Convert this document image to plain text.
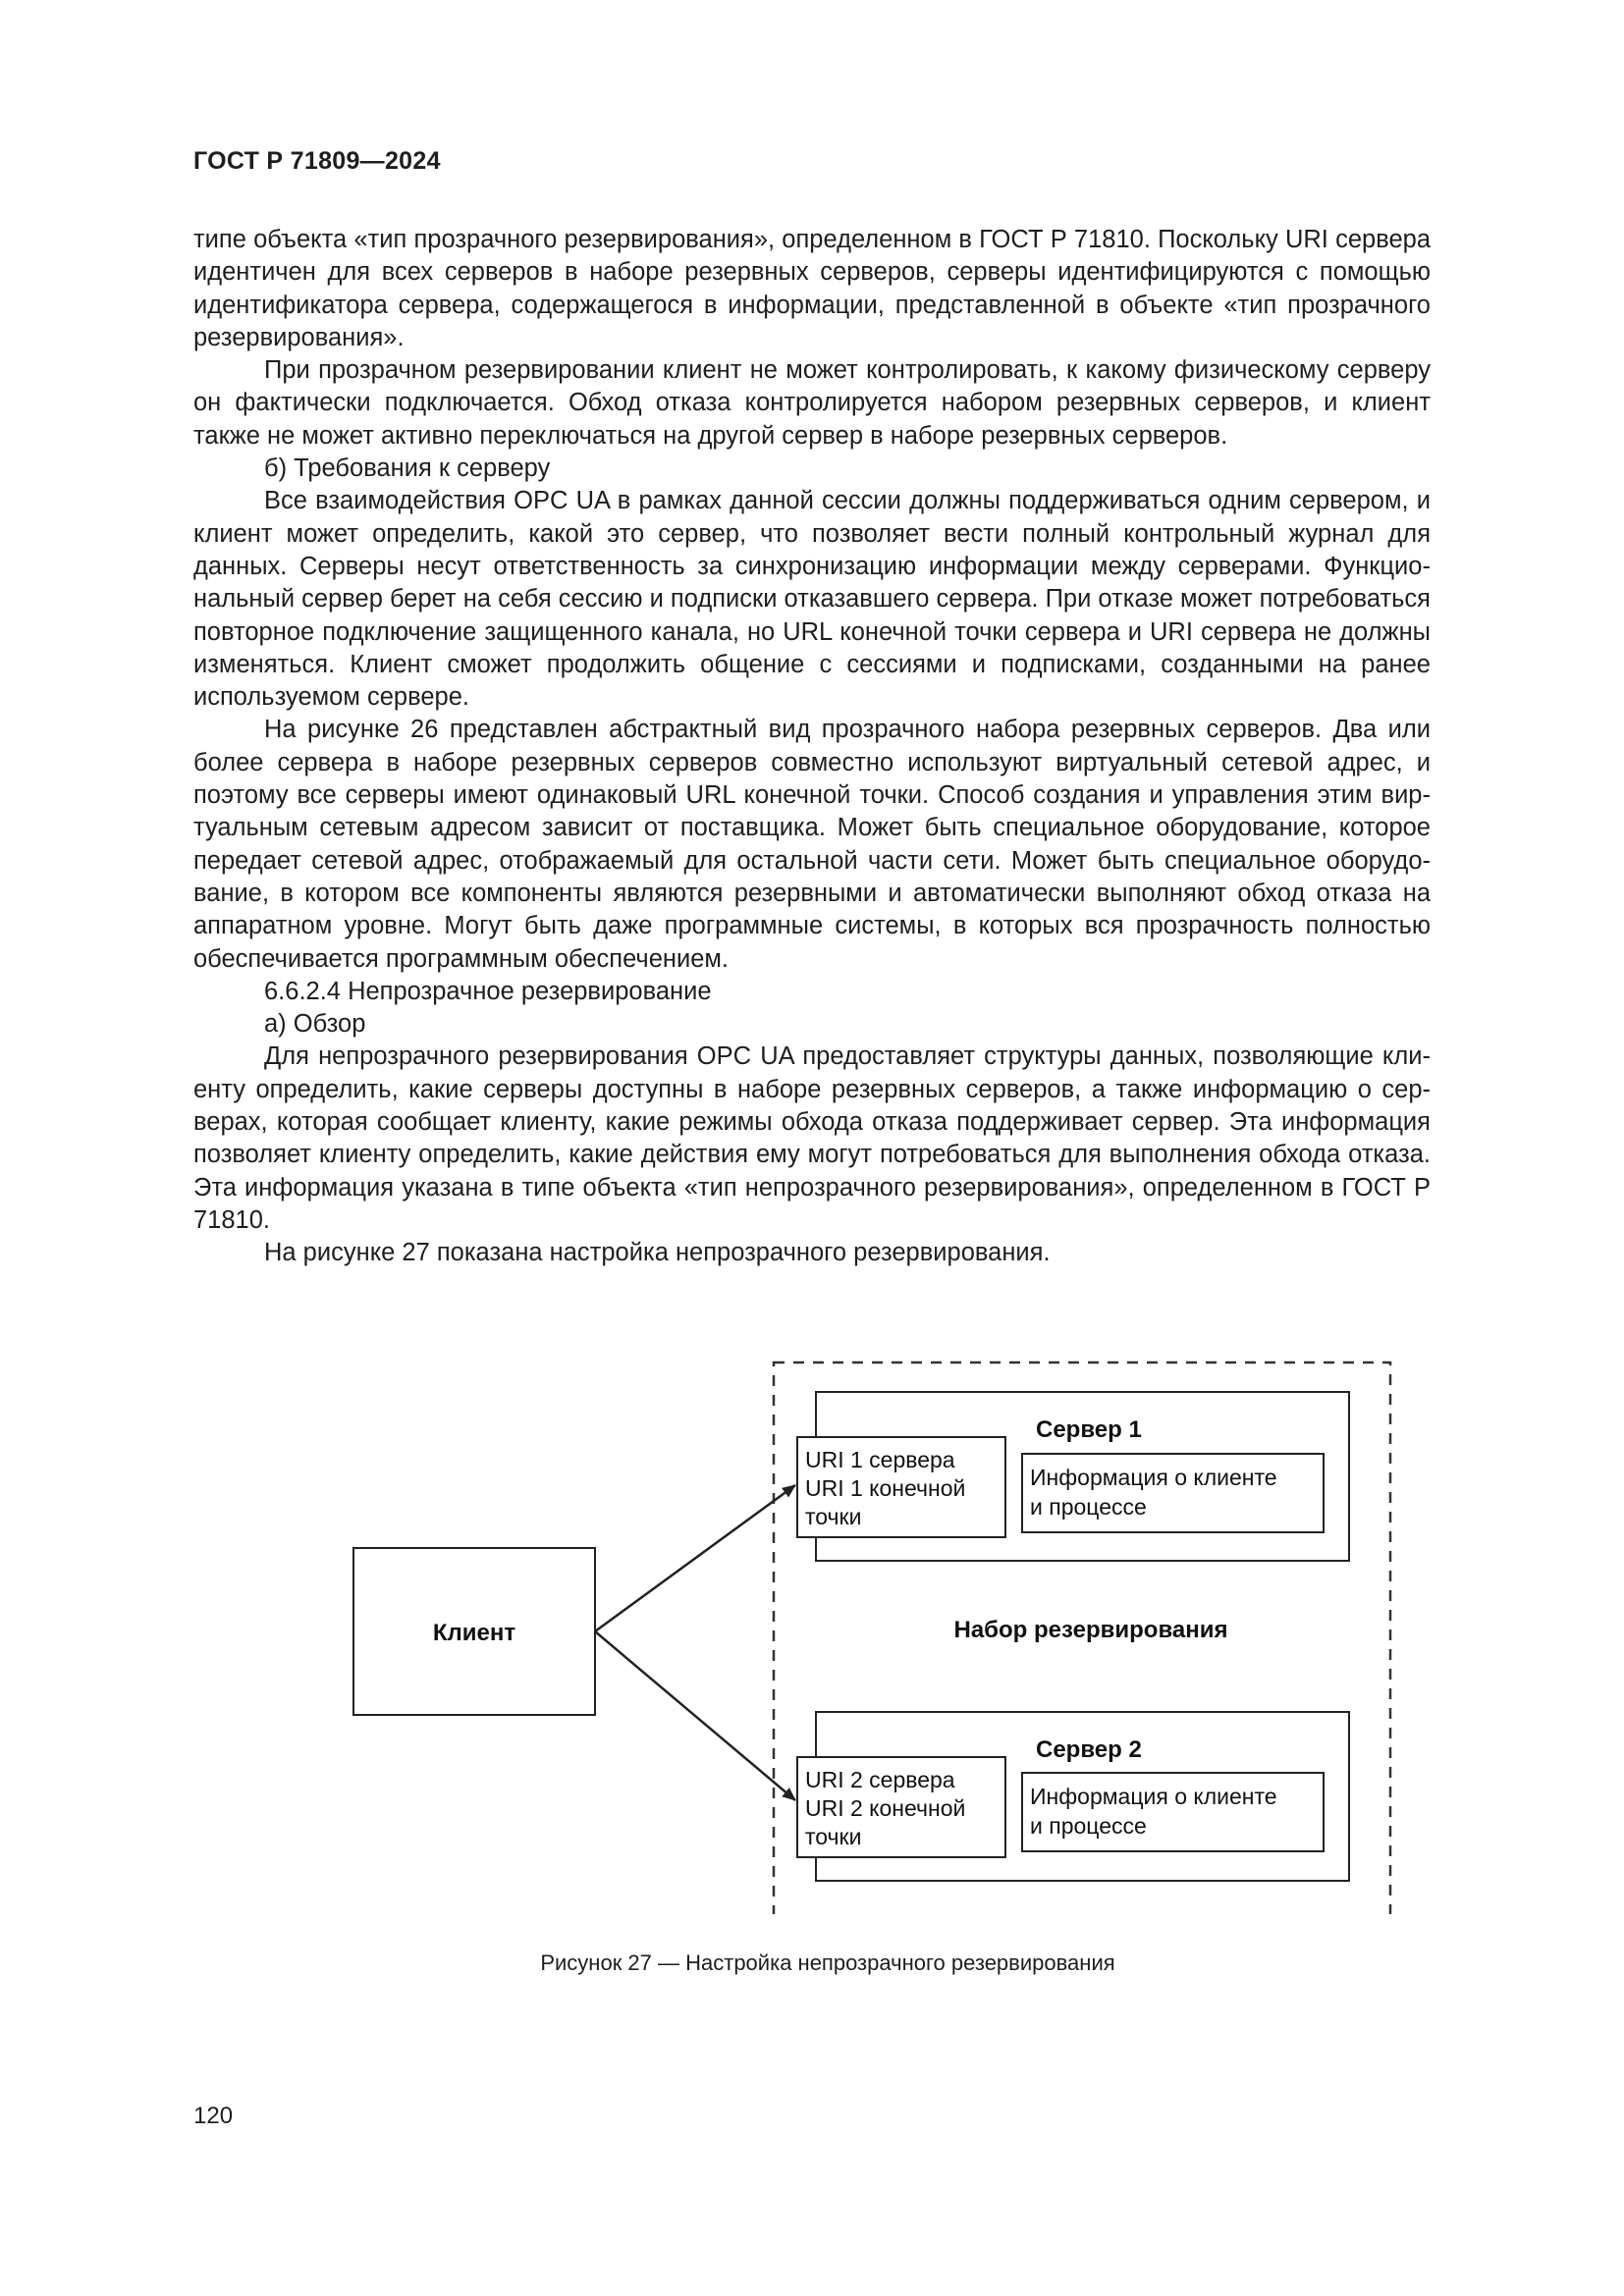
ГОСТ Р 71809—2024

типе объекта «тип прозрачного резервирования», определенном в ГОСТ Р 71810. Поскольку URI сервера идентичен для всех серверов в наборе резервных серверов, серверы идентифицируются с помощью идентификатора сервера, содержащегося в информации, представленной в объекте «тип прозрачного резервирования».

При прозрачном резервировании клиент не может контролировать, к какому физическому серверу он фактически подключается. Обход отказа контролируется набором резервных серверов, и клиент также не может активно переключаться на другой сервер в наборе резервных серверов.

б) Требования к серверу

Все взаимодействия OPC UA в рамках данной сессии должны поддерживаться одним сервером, и клиент может определить, какой это сервер, что позволяет вести полный контрольный журнал для данных. Серверы несут ответственность за синхронизацию информации между серверами. Функциональный сервер берет на себя сессию и подписки отказавшего сервера. При отказе может потребоваться повторное подключение защищенного канала, но URL конечной точки сервера и URI сервера не должны изменяться. Клиент сможет продолжить общение с сессиями и подписками, созданными на ранее используемом сервере.

На рисунке 26 представлен абстрактный вид прозрачного набора резервных серверов. Два или более сервера в наборе резервных серверов совместно используют виртуальный сетевой адрес, и поэтому все серверы имеют одинаковый URL конечной точки. Способ создания и управления этим виртуальным сетевым адресом зависит от поставщика. Может быть специальное оборудование, которое передает сетевой адрес, отображаемый для остальной части сети. Может быть специальное оборудование, в котором все компоненты являются резервными и автоматически выполняют обход отказа на аппаратном уровне. Могут быть даже программные системы, в которых вся прозрачность полностью обеспечивается программным обеспечением.

6.6.2.4 Непрозрачное резервирование

а) Обзор

Для непрозрачного резервирования OPC UA предоставляет структуры данных, позволяющие клиенту определить, какие серверы доступны в наборе резервных серверов, а также информацию о серверах, которая сообщает клиенту, какие режимы обхода отказа поддерживает сервер. Эта информация позволяет клиенту определить, какие действия ему могут потребоваться для выполнения обхода отказа. Эта информация указана в типе объекта «тип непрозрачного резервирования», определенном в ГОСТ Р 71810.

На рисунке 27 показана настройка непрозрачного резервирования.

Набор резервирования
Клиент
Сервер 1
URI 1 сервера
URI 1 конечной
точки
Информация о клиенте
и процессе
Сервер 2
URI 2 сервера
URI 2 конечной
точки
Информация о клиенте
и процессе

Рисунок 27 — Настройка непрозрачного резервирования

120
